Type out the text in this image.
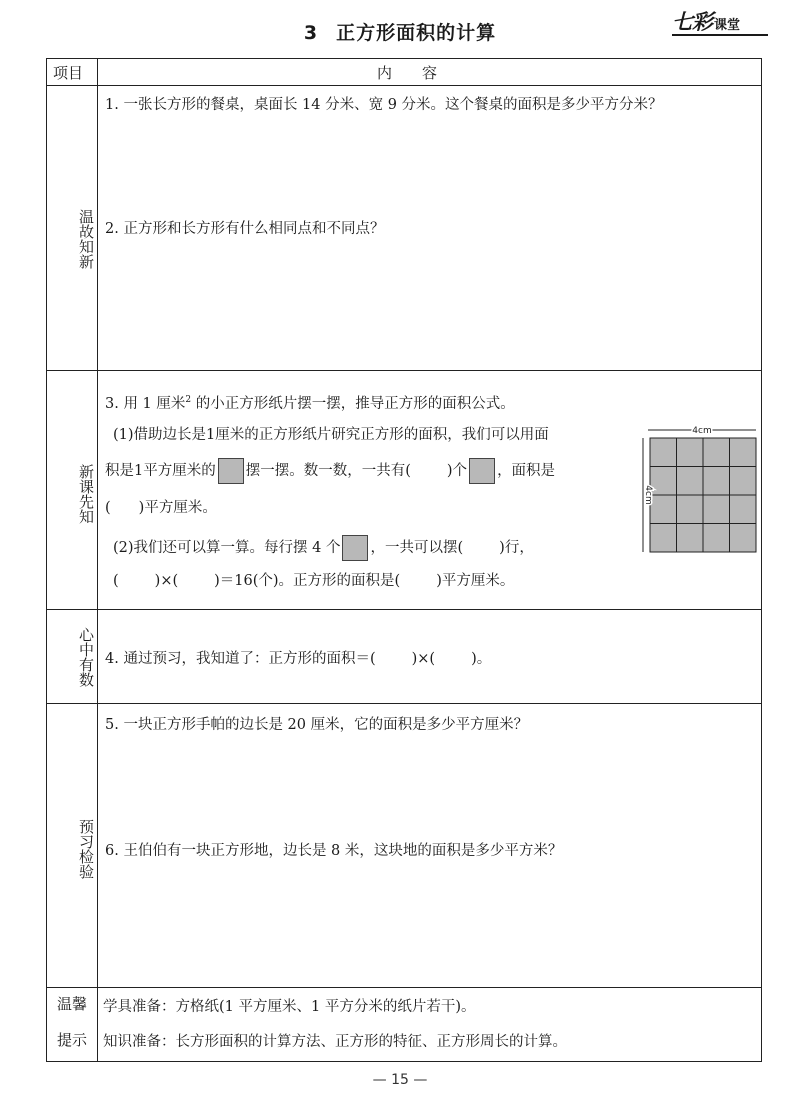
3 正方形面积的计算	七彩 课堂
项目	内　　容
温故知新
新课先知
心中有数
预习检验
温馨
提示
1. 一张长方形的餐桌，桌面长 14 分米、宽 9 分米。这个餐桌的面积是多少平方分米？
2. 正方形和长方形有什么相同点和不同点？
3. 用 1 厘米$^2$ 的小正方形纸片摆一摆，推导正方形的面积公式。
(1)借助边长是1厘米的正方形纸片研究正方形的面积，我们可以用面
积是1平方厘米的 摆一摆。数一数，一共有( )个 ，面积是
( )平方厘米。
(2)我们还可以算一算。每行摆 4 个 ，一共可以摆( )行，
( )×( )＝16(个)。正方形的面积是( )平方厘米。
4. 通过预习，我知道了：正方形的面积＝( )×( )。
5. 一块正方形手帕的边长是 20 厘米，它的面积是多少平方厘米？
6. 王伯伯有一块正方形地，边长是 8 米，这块地的面积是多少平方米？
学具准备：方格纸(1 平方厘米、1 平方分米的纸片若干)。
知识准备：长方形面积的计算方法、正方形的特征、正方形周长的计算。
4cm
4cm
— 15 —
